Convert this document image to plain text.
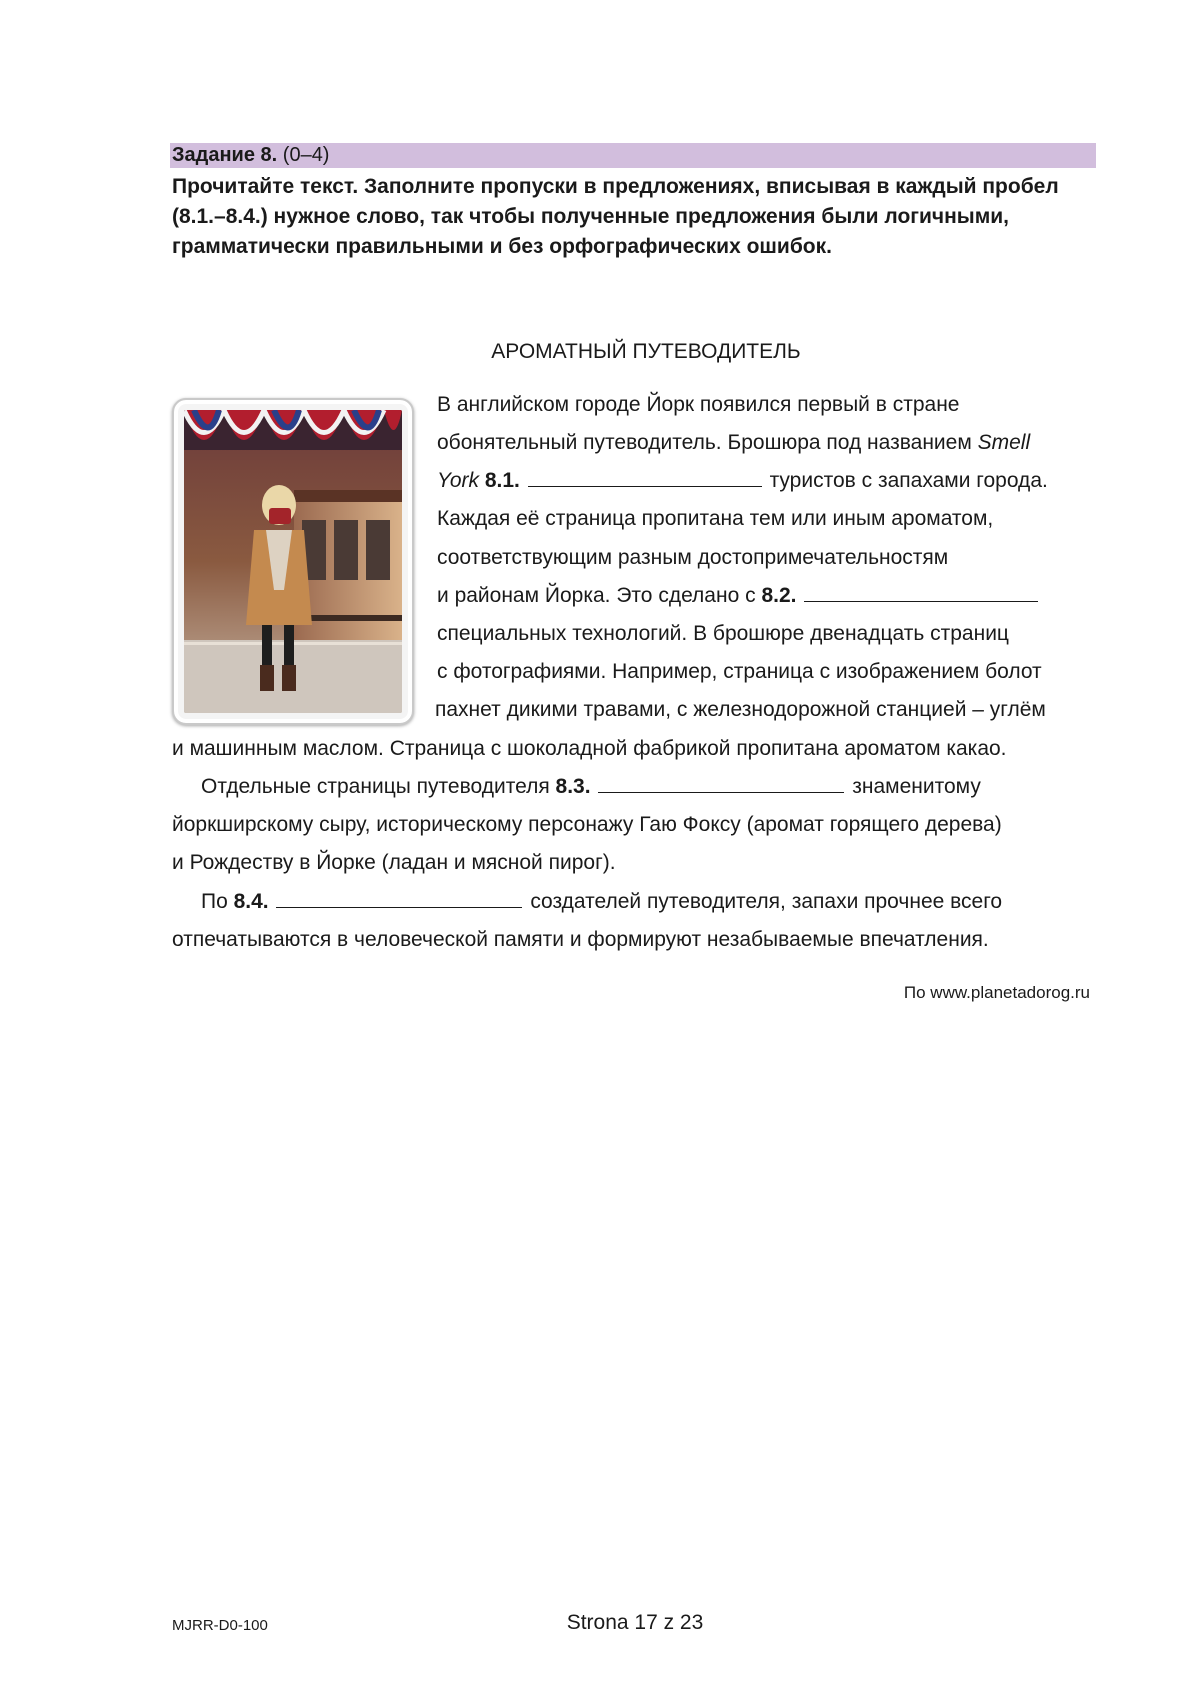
Задание 8. (0–4)
Прочитайте текст. Заполните пропуски в предложениях, вписывая в каждый пробел (8.1.–8.4.) нужное слово, так чтобы полученные предложения были логичными, грамматически правильными и без орфографических ошибок.
АРОМАТНЫЙ ПУТЕВОДИТЕЛЬ
В английском городе Йорк появился первый в стране
обонятельный путеводитель. Брошюра под названием Smell
York 8.1.	туристов с запахами города.
Каждая её страница пропитана тем или иным ароматом,
соответствующим разным достопримечательностям
и районам Йорка. Это сделано с 8.2.
специальных технологий. В брошюре двенадцать страниц
с фотографиями. Например, страница с изображением болот
пахнет дикими травами, с железнодорожной станцией – углём
и машинным маслом. Страница с шоколадной фабрикой пропитана ароматом какао.
Отдельные страницы путеводителя 8.3.	знаменитому
йоркширскому сыру, историческому персонажу Гаю Фоксу (аромат горящего дерева)
и Рождеству в Йорке (ладан и мясной пирог).
По 8.4.	создателей путеводителя, запахи прочнее всего
отпечатываются в человеческой памяти и формируют незабываемые впечатления.
По www.planetadorog.ru
MJRR-D0-100	Strona 17 z 23
